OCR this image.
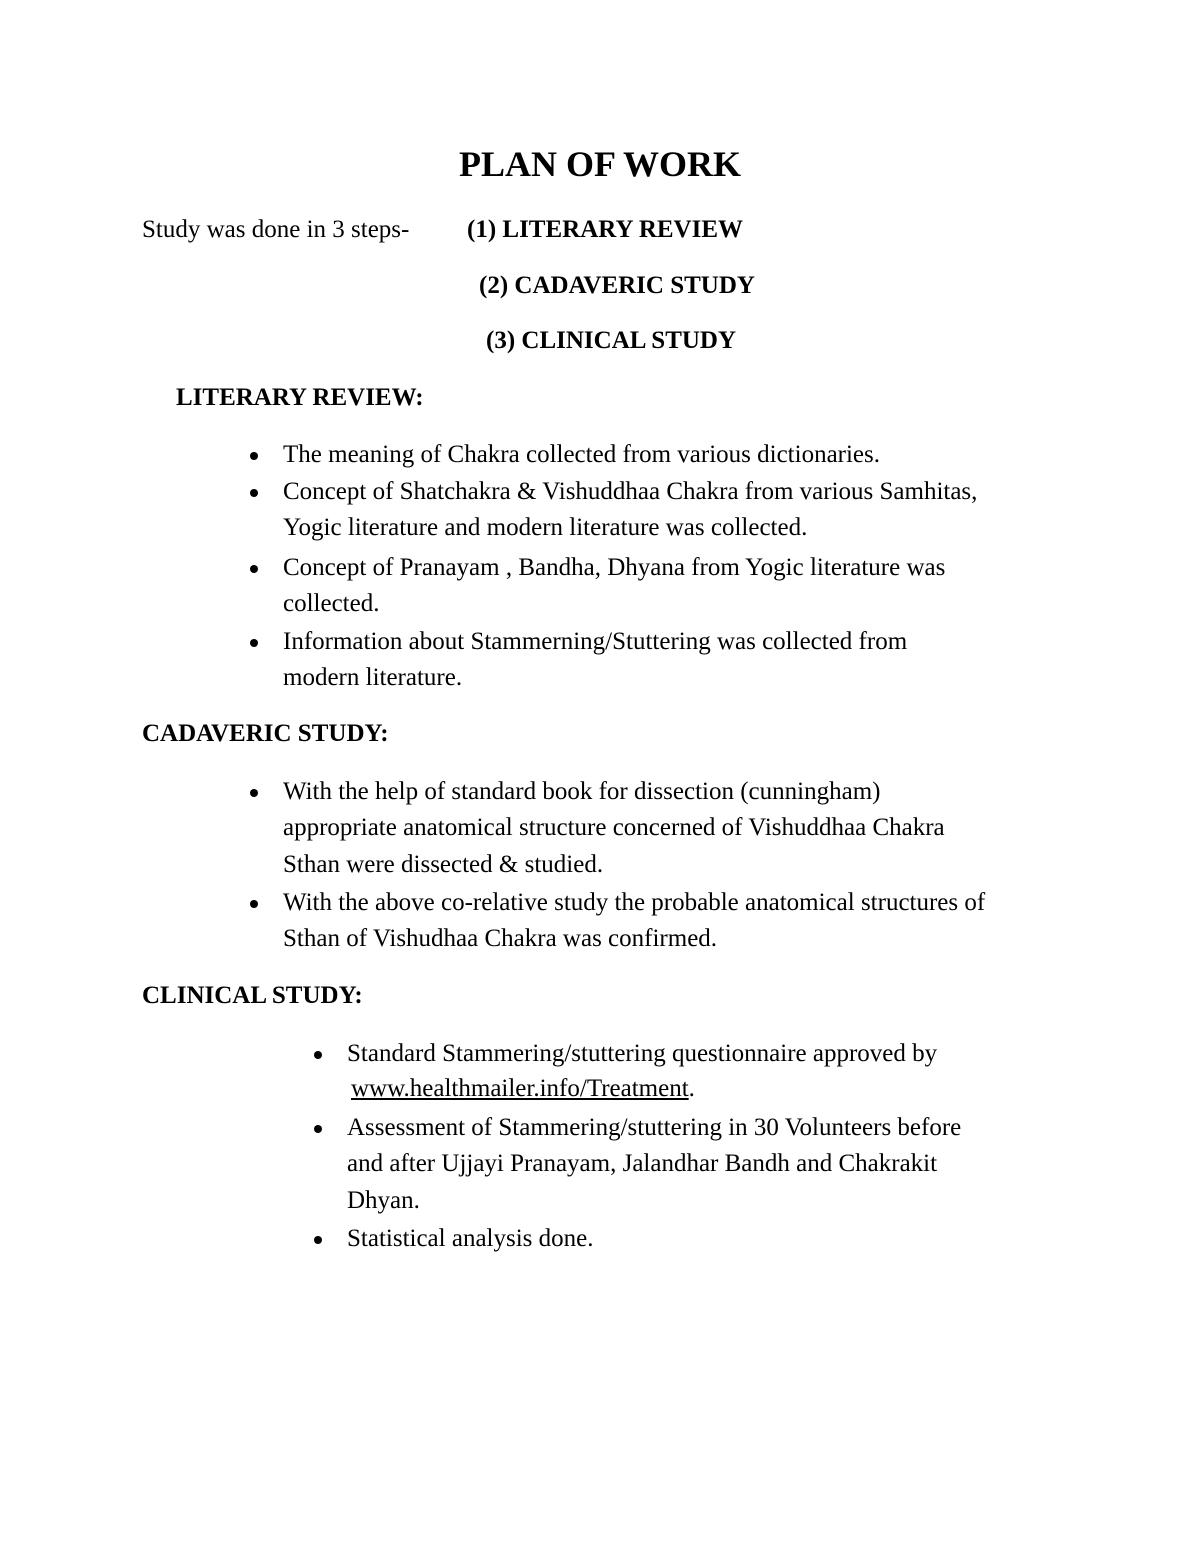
PLAN OF WORK
Study was done in 3 steps- (1) LITERARY REVIEW
(2) CADAVERIC STUDY
(3) CLINICAL STUDY
LITERARY REVIEW:
The meaning of Chakra collected from various dictionaries.
Concept of Shatchakra & Vishuddhaa Chakra from various Samhitas,
Yogic literature and modern literature was collected.
Concept of Pranayam , Bandha, Dhyana from Yogic literature was
collected.
Information about Stammerning/Stuttering was collected from
modern literature.
CADAVERIC STUDY:
With the help of standard book for dissection (cunningham)
appropriate anatomical structure concerned of Vishuddhaa Chakra
Sthan were dissected & studied.
With the above co-relative study the probable anatomical structures of
Sthan of Vishudhaa Chakra was confirmed.
CLINICAL STUDY:
Standard Stammering/stuttering questionnaire approved by
www.healthmailer.info/Treatment.
Assessment of Stammering/stuttering in 30 Volunteers before
and after Ujjayi Pranayam, Jalandhar Bandh and Chakrakit
Dhyan.
Statistical analysis done.
